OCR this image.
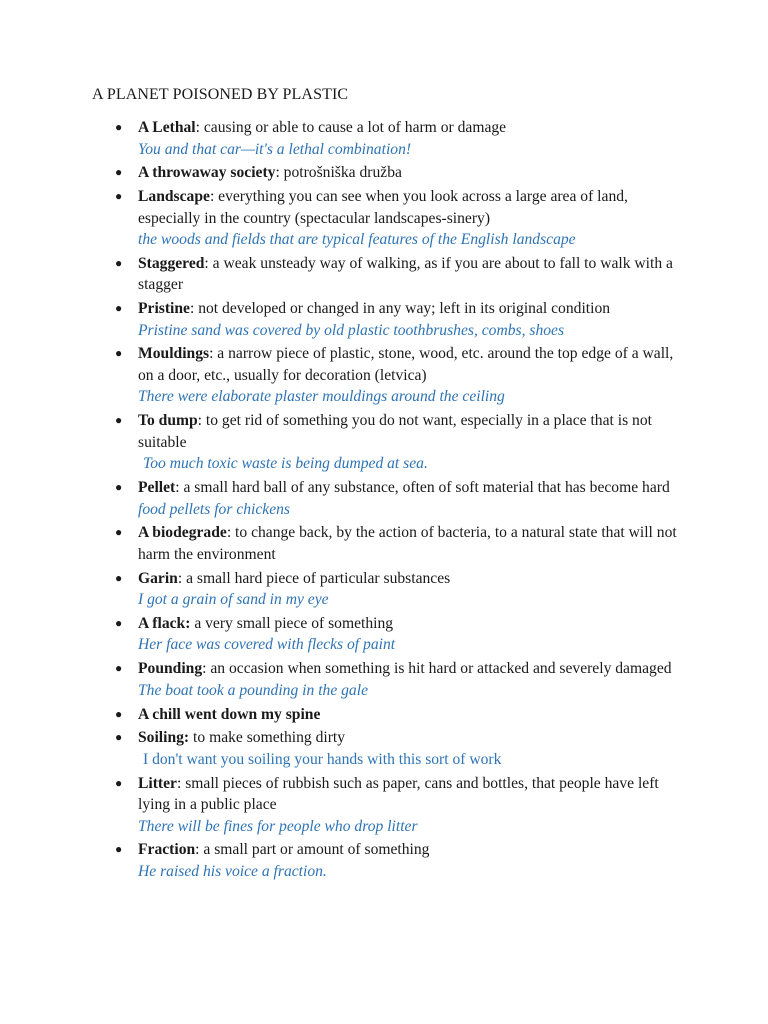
A PLANET POISONED BY PLASTIC
● A Lethal: causing or able to cause a lot of harm or damage
You and that car—it's a lethal combination!
● A throwaway society: potrošniška družba
● Landscape: everything you can see when you look across a large area of land, especially in the country (spectacular landscapes-sinery)
the woods and fields that are typical features of the English landscape
● Staggered: a weak unsteady way of walking, as if you are about to fall to walk with a stagger
● Pristine: not developed or changed in any way; left in its original condition
Pristine sand was covered by old plastic toothbrushes, combs, shoes
● Mouldings: a narrow piece of plastic, stone, wood, etc. around the top edge of a wall, on a door, etc., usually for decoration (letvica)
There were elaborate plaster mouldings around the ceiling
● To dump: to get rid of something you do not want, especially in a place that is not suitable
Too much toxic waste is being dumped at sea.
● Pellet: a small hard ball of any substance, often of soft material that has become hard
food pellets for chickens
● A biodegrade: to change back, by the action of bacteria, to a natural state that will not harm the environment
● Garin: a small hard piece of particular substances
I got a grain of sand in my eye
● A flack: a very small piece of something
Her face was covered with flecks of paint
● Pounding: an occasion when something is hit hard or attacked and severely damaged
The boat took a pounding in the gale
● A chill went down my spine
● Soiling: to make something dirty
I don't want you soiling your hands with this sort of work
● Litter: small pieces of rubbish such as paper, cans and bottles, that people have left lying in a public place
There will be fines for people who drop litter
● Fraction: a small part or amount of something
He raised his voice a fraction.
